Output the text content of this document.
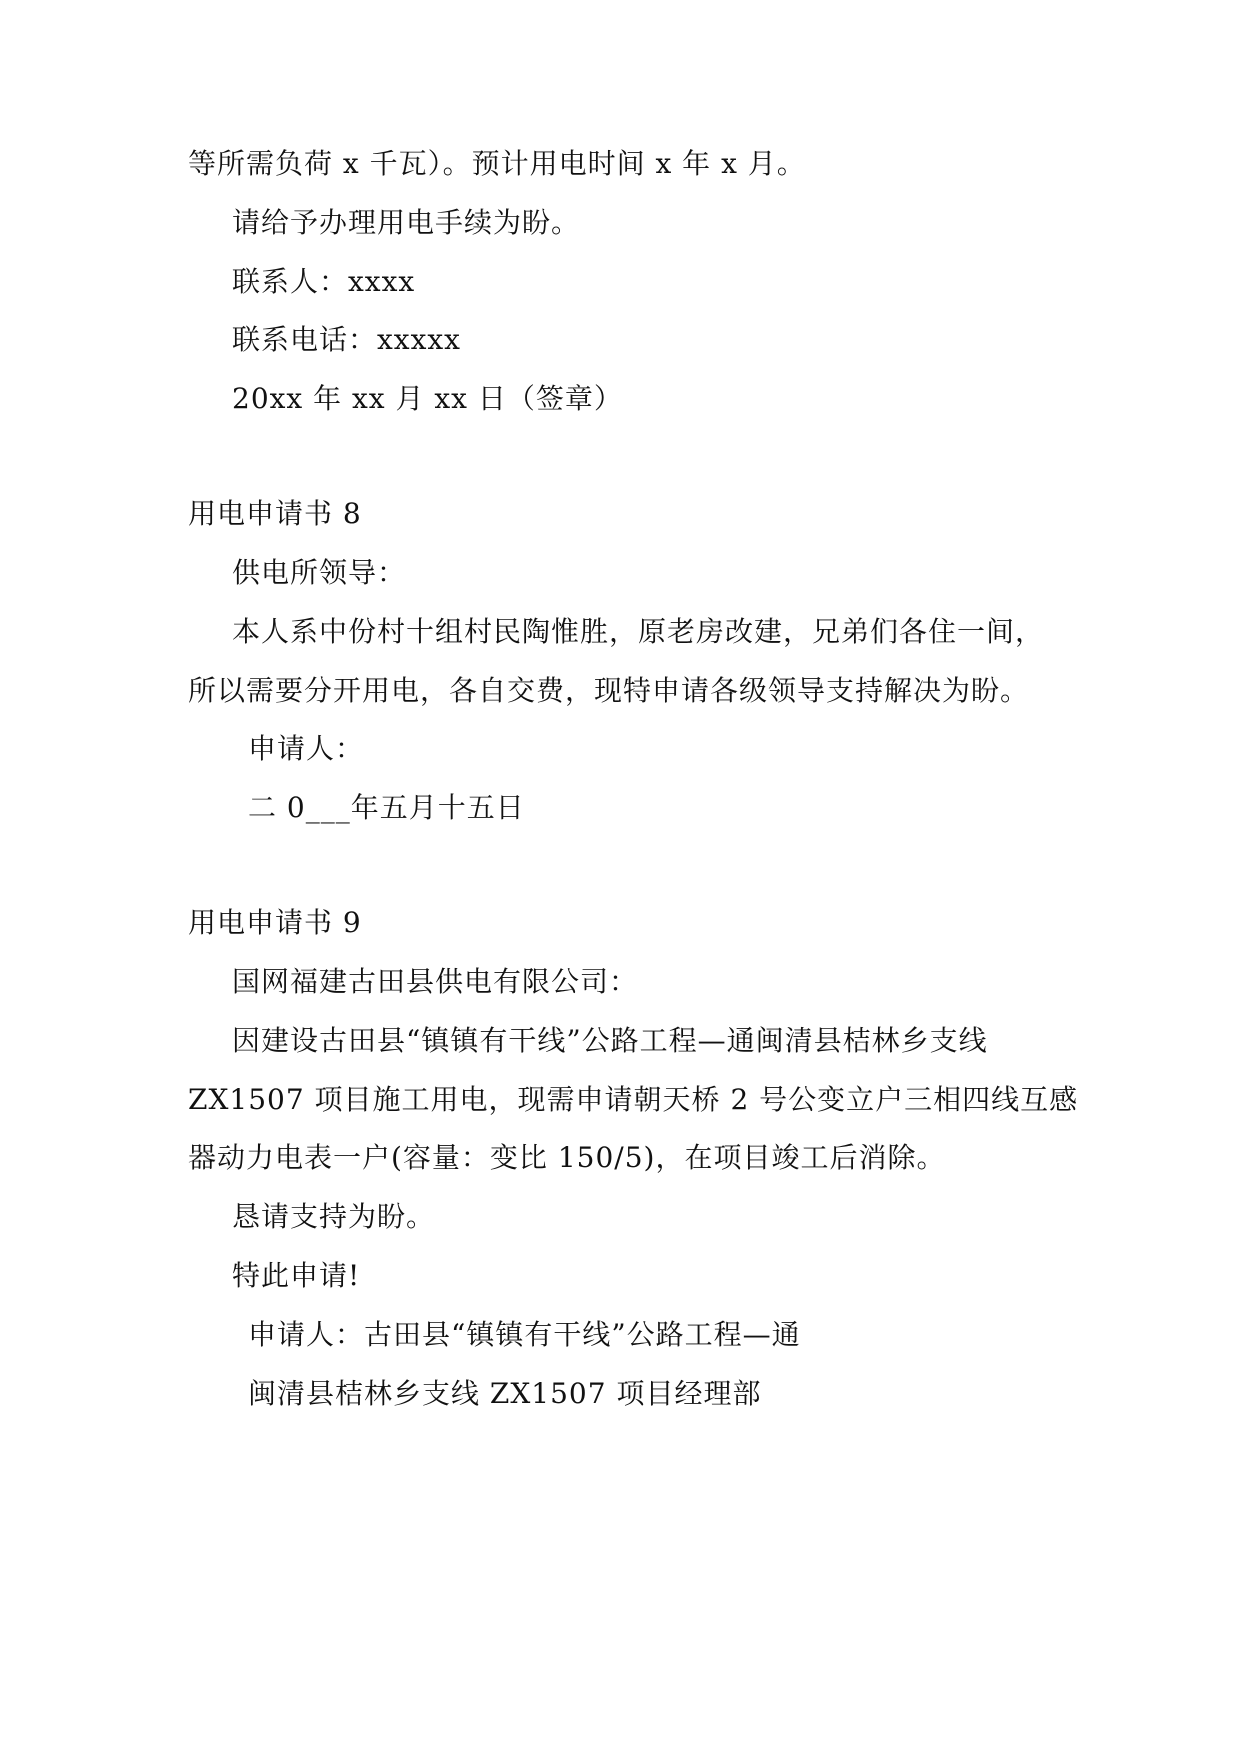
等所需负荷 x 千瓦）。预计用电时间 x 年 x 月。
请给予办理用电手续为盼。
联系人：xxxx
联系电话：xxxxx
20xx 年 xx 月 xx 日（签章）
用电申请书 8
供电所领导：
本人系中份村十组村民陶惟胜，原老房改建，兄弟们各住一间，
所以需要分开用电，各自交费，现特申请各级领导支持解决为盼。
申请人：
二 0___年五月十五日
用电申请书 9
国网福建古田县供电有限公司：
因建设古田县“镇镇有干线”公路工程—通闽清县桔林乡支线
ZX1507 项目施工用电，现需申请朝天桥 2 号公变立户三相四线互感
器动力电表一户(容量：变比 150/5)，在项目竣工后消除。
恳请支持为盼。
特此申请!
申请人：古田县“镇镇有干线”公路工程—通
闽清县桔林乡支线 ZX1507 项目经理部
